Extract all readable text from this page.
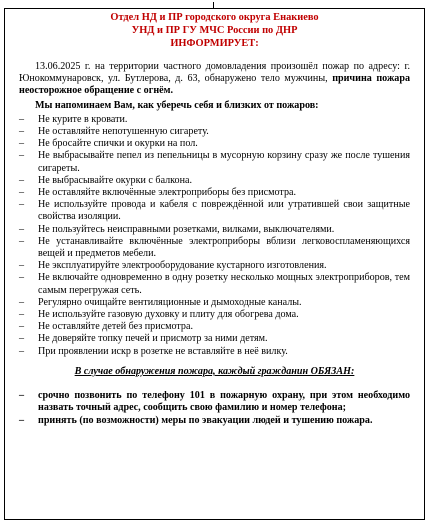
Отдел НД и ПР городского округа Енакиево
УНД и ПР ГУ МЧС России по ДНР
ИНФОРМИРУЕТ:

13.06.2025 г. на территории частного домовладения произошёл пожар по адресу: г. Юнокоммунаровск, ул. Бутлерова, д. 63, обнаружено тело мужчины, причина пожара неосторожное обращение с огнём.

Мы напоминаем Вам, как уберечь себя и близких от пожаров:
– Не курите в кровати.
– Не оставляйте непотушенную сигарету.
– Не бросайте спички и окурки на пол.
– Не выбрасывайте пепел из пепельницы в мусорную корзину сразу же после тушения сигареты.
– Не выбрасывайте окурки с балкона.
– Не оставляйте включённые электроприборы без присмотра.
– Не используйте провода и кабеля с повреждённой или утратившей свои защитные свойства изоляции.
– Не пользуйтесь неисправными розетками, вилками, выключателями.
– Не устанавливайте включённые электроприборы вблизи легковоспламеняющихся вещей и предметов мебели.
– Не эксплуатируйте электрооборудование кустарного изготовления.
– Не включайте одновременно в одну розетку несколько мощных электроприборов, тем самым перегружая сеть.
– Регулярно очищайте вентиляционные и дымоходные каналы.
– Не используйте газовую духовку и плиту для обогрева дома.
– Не оставляйте детей без присмотра.
– Не доверяйте топку печей и присмотр за ними детям.
– При проявлении искр в розетке не вставляйте в неё вилку.
В случае обнаружения пожара, каждый гражданин ОБЯЗАН:
– срочно позвонить по телефону 101 в пожарную охрану, при этом необходимо назвать точный адрес, сообщить свою фамилию и номер телефона;
– принять (по возможности) меры по эвакуации людей и тушению пожара.
